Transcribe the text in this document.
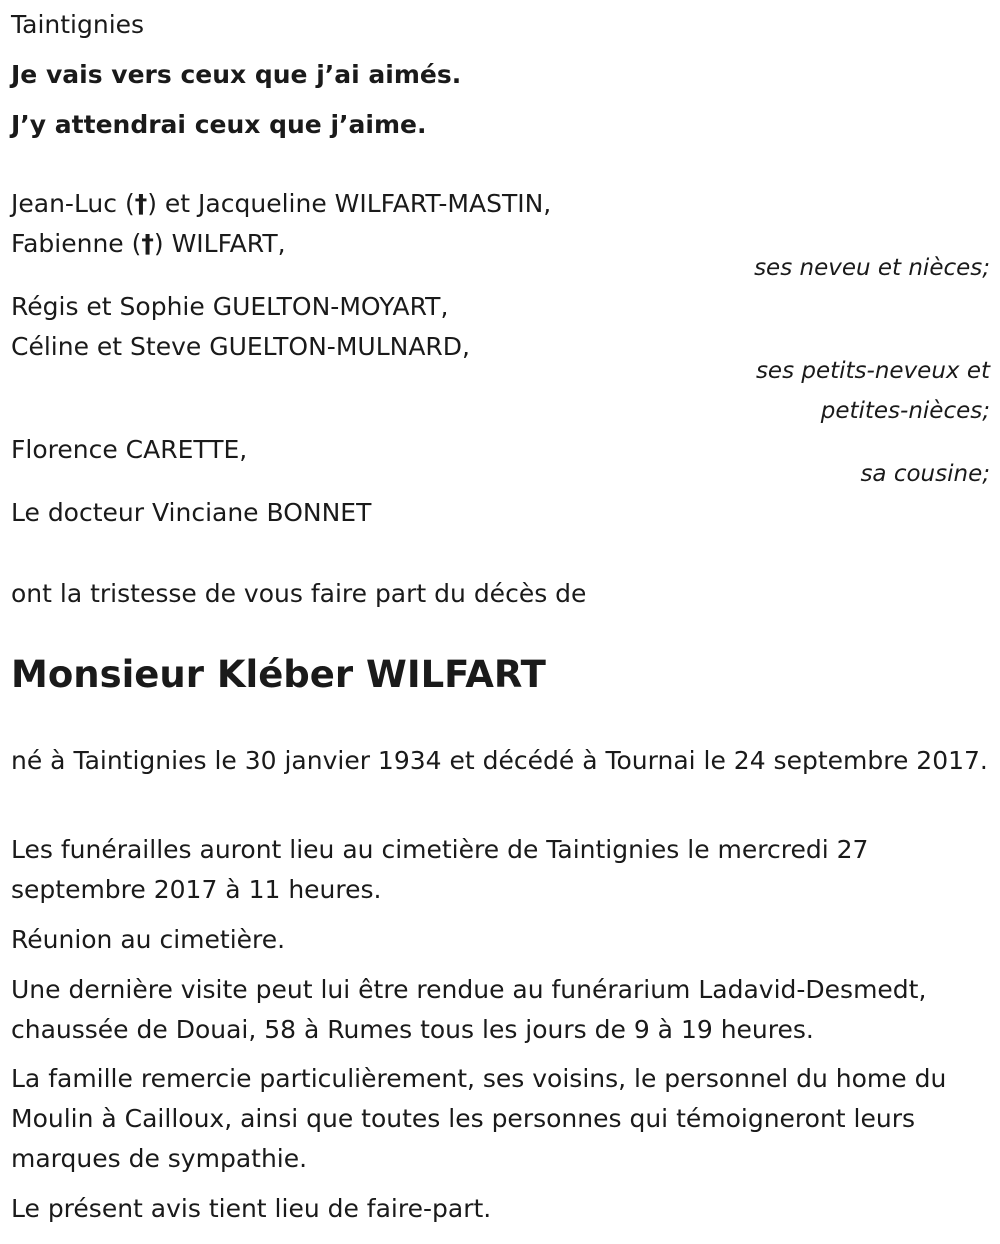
Taintignies
Je vais vers ceux que j’ai aimés.
J’y attendrai ceux que j’aime.
Jean-Luc (†) et Jacqueline WILFART-MASTIN,
Fabienne (†) WILFART,
ses neveu et nièces;
Régis et Sophie GUELTON-MOYART,
Céline et Steve GUELTON-MULNARD,
ses petits-neveux et
petites-nièces;
Florence CARETTE,
sa cousine;
Le docteur Vinciane BONNET
ont la tristesse de vous faire part du décès de
Monsieur Kléber WILFART
né à Taintignies le 30 janvier 1934 et décédé à Tournai le 24 septembre 2017.
Les funérailles auront lieu au cimetière de Taintignies le mercredi 27 septembre 2017 à 11 heures.
Réunion au cimetière.
Une dernière visite peut lui être rendue au funérarium Ladavid-Desmedt, chaussée de Douai, 58 à Rumes tous les jours de 9 à 19 heures.
La famille remercie particulièrement, ses voisins, le personnel du home du Moulin à Cailloux, ainsi que toutes les personnes qui témoigneront leurs marques de sympathie.
Le présent avis tient lieu de faire-part.
